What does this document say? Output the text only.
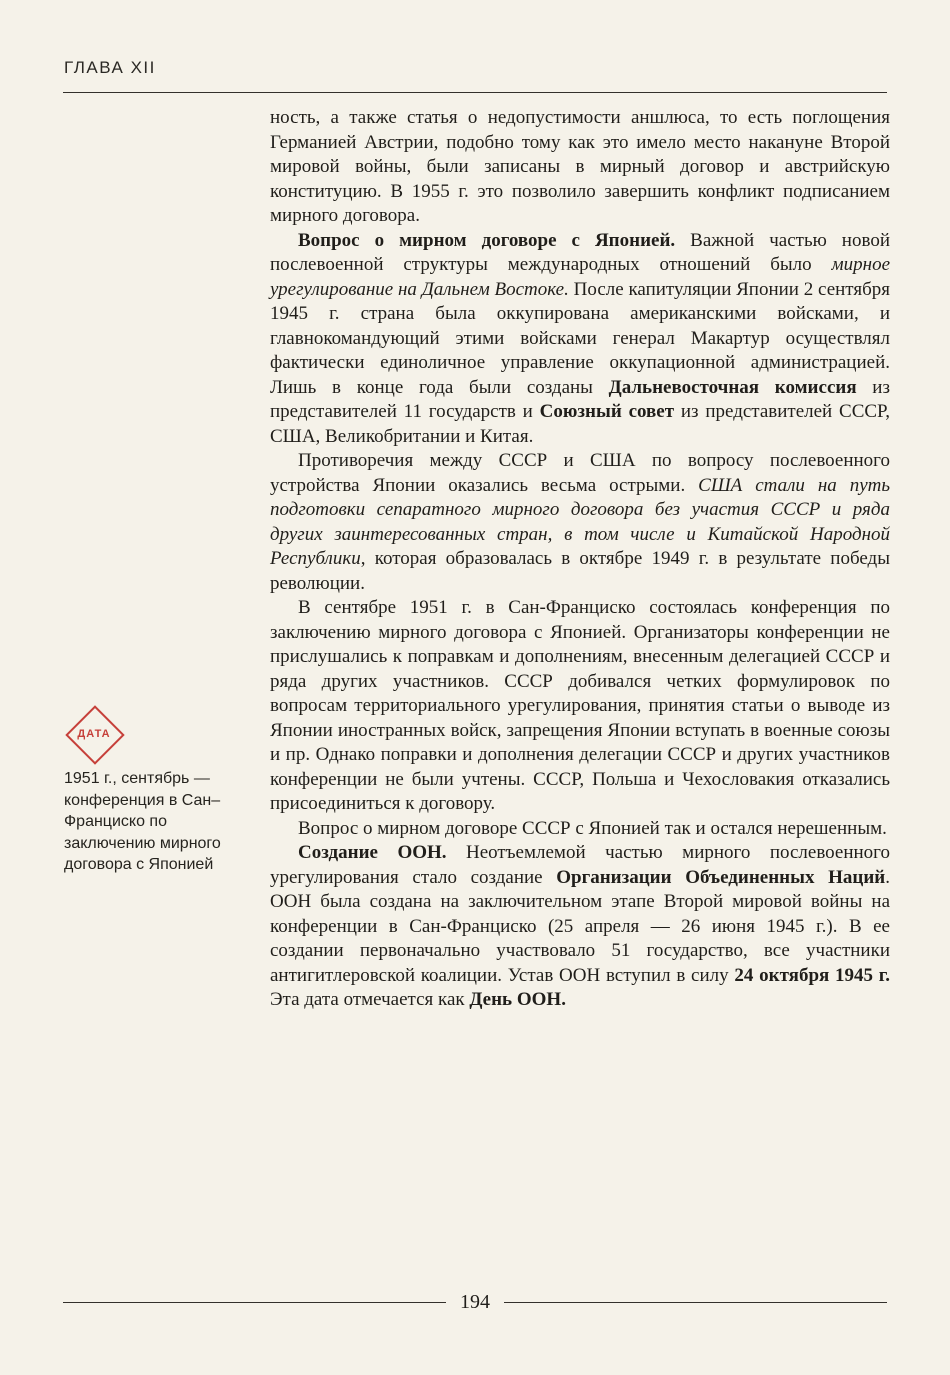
ГЛАВА XII
ДАТА
1951 г., сентябрь — конференция в Сан–Франциско по заключению мирного договора с Японией

ность, а также статья о недопустимости аншлюса, то есть поглощения Германией Австрии, подобно тому как это имело место накануне Второй мировой войны, были записаны в мирный договор и австрийскую конституцию. В 1955 г. это позволило завершить конфликт подписанием мирного договора.

Вопрос о мирном договоре с Японией. Важной частью новой послевоенной структуры международных отношений было мирное урегулирование на Дальнем Востоке. После капитуляции Японии 2 сентября 1945 г. страна была оккупирована американскими войсками, и главнокомандующий этими войсками генерал Макартур осуществлял фактически единоличное управление оккупационной администрацией. Лишь в конце года были созданы Дальневосточная комиссия из представителей 11 государств и Союзный совет из представителей СССР, США, Великобритании и Китая.

Противоречия между СССР и США по вопросу послевоенного устройства Японии оказались весьма острыми. США стали на путь подготовки сепаратного мирного договора без участия СССР и ряда других заинтересованных стран, в том числе и Китайской Народной Республики, которая образовалась в октябре 1949 г. в результате победы революции.

В сентябре 1951 г. в Сан-Франциско состоялась конференция по заключению мирного договора с Японией. Организаторы конференции не прислушались к поправкам и дополнениям, внесенным делегацией СССР и ряда других участников. СССР добивался четких формулировок по вопросам территориального урегулирования, принятия статьи о выводе из Японии иностранных войск, запрещения Японии вступать в военные союзы и пр. Однако поправки и дополнения делегации СССР и других участников конференции не были учтены. СССР, Польша и Чехословакия отказались присоединиться к договору.

Вопрос о мирном договоре СССР с Японией так и остался нерешенным.

Создание ООН. Неотъемлемой частью мирного послевоенного урегулирования стало создание Организации Объединенных Наций. ООН была создана на заключительном этапе Второй мировой войны на конференции в Сан-Франциско (25 апреля — 26 июня 1945 г.). В ее создании первоначально участвовало 51 государство, все участники антигитлеровской коалиции. Устав ООН вступил в силу 24 октября 1945 г. Эта дата отмечается как День ООН.

194
